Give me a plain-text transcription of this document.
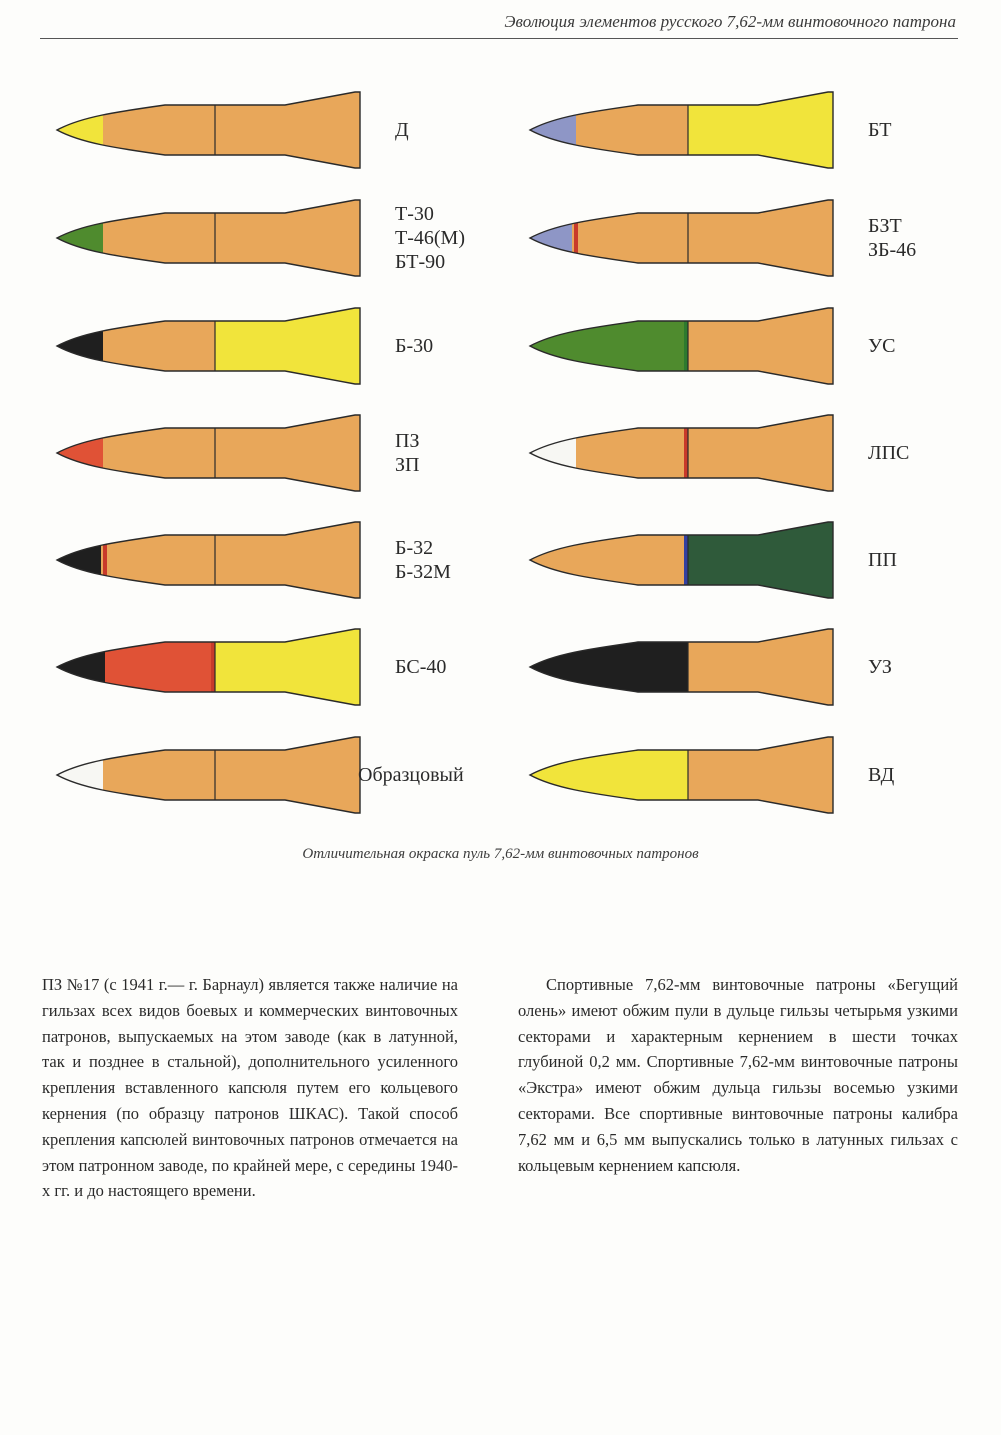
Эволюция элементов русского 7,62-мм винтовочного патрона
Д
Т-30
Т-46(М)
БТ-90
Б-30
ПЗ
ЗП
Б-32
Б-32М
БС-40
Образцовый
БТ
БЗТ
ЗБ-46
УС
ЛПС
ПП
УЗ
ВД
Отличительная окраска пуль 7,62-мм винтовочных патронов

ПЗ №17 (с 1941 г.— г. Барнаул) является также наличие на гильзах всех видов боевых и коммерческих винтовочных патронов, выпускаемых на этом заводе (как в латунной, так и позднее в стальной), дополнительного усиленного крепления вставленного капсюля путем его кольцевого кернения (по образцу патронов ШКАС). Такой способ крепления капсюлей винтовочных патронов отмечается на этом патронном заводе, по крайней мере, с середины 1940-х гг. и до настоящего времени.

Спортивные 7,62-мм винтовочные патроны «Бегущий олень» имеют обжим пули в дульце гильзы четырьмя узкими секторами и характерным кернением в шести точках глубиной 0,2 мм. Спортивные 7,62-мм винтовочные патроны «Экстра» имеют обжим дульца гильзы восемью узкими секторами. Все спортивные винтовочные патроны калибра 7,62 мм и 6,5 мм выпускались только в латунных гильзах с кольцевым кернением капсюля.
